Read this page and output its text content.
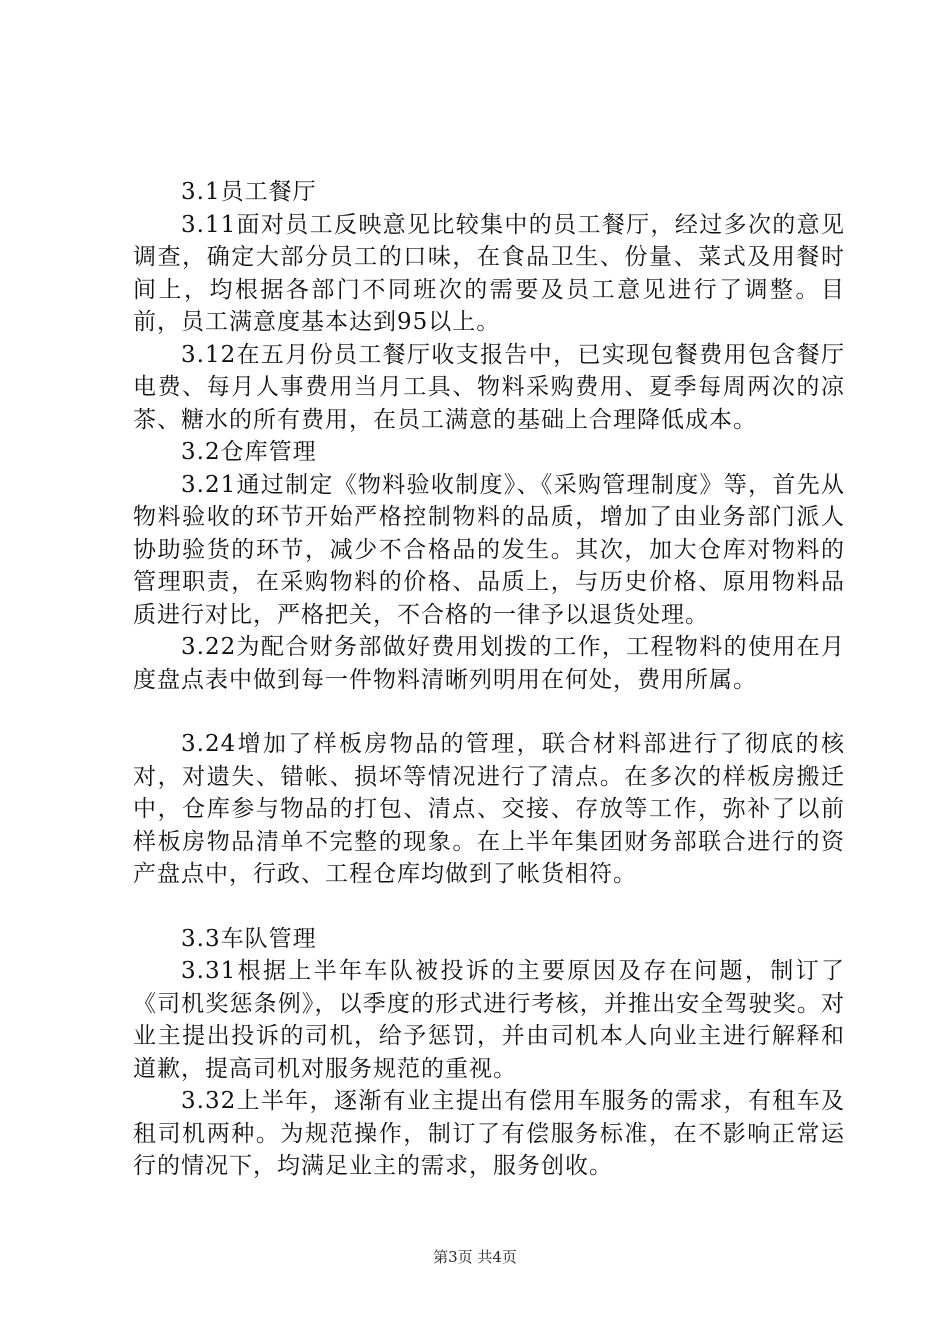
3.1员工餐厅

3.11面对员工反映意见比较集中的员工餐厅，经过多次的意见调查，确定大部分员工的口味，在食品卫生、份量、菜式及用餐时间上，均根据各部门不同班次的需要及员工意见进行了调整。目前，员工满意度基本达到95以上。

3.12在五月份员工餐厅收支报告中，已实现包餐费用包含餐厅电费、每月人事费用当月工具、物料采购费用、夏季每周两次的凉茶、糖水的所有费用，在员工满意的基础上合理降低成本。

3.2仓库管理

3.21通过制定《物料验收制度》、《采购管理制度》等，首先从物料验收的环节开始严格控制物料的品质，增加了由业务部门派人协助验货的环节，减少不合格品的发生。其次，加大仓库对物料的管理职责，在采购物料的价格、品质上，与历史价格、原用物料品质进行对比，严格把关，不合格的一律予以退货处理。

3.22为配合财务部做好费用划拨的工作，工程物料的使用在月度盘点表中做到每一件物料清晰列明用在何处，费用所属。

3.24增加了样板房物品的管理，联合材料部进行了彻底的核对，对遗失、错帐、损坏等情况进行了清点。在多次的样板房搬迁中，仓库参与物品的打包、清点、交接、存放等工作，弥补了以前样板房物品清单不完整的现象。在上半年集团财务部联合进行的资产盘点中，行政、工程仓库均做到了帐货相符。

3.3车队管理

3.31根据上半年车队被投诉的主要原因及存在问题，制订了《司机奖惩条例》，以季度的形式进行考核，并推出安全驾驶奖。对业主提出投诉的司机，给予惩罚，并由司机本人向业主进行解释和道歉，提高司机对服务规范的重视。

3.32上半年，逐渐有业主提出有偿用车服务的需求，有租车及租司机两种。为规范操作，制订了有偿服务标准，在不影响正常运行的情况下，均满足业主的需求，服务创收。

第3页 共4页
